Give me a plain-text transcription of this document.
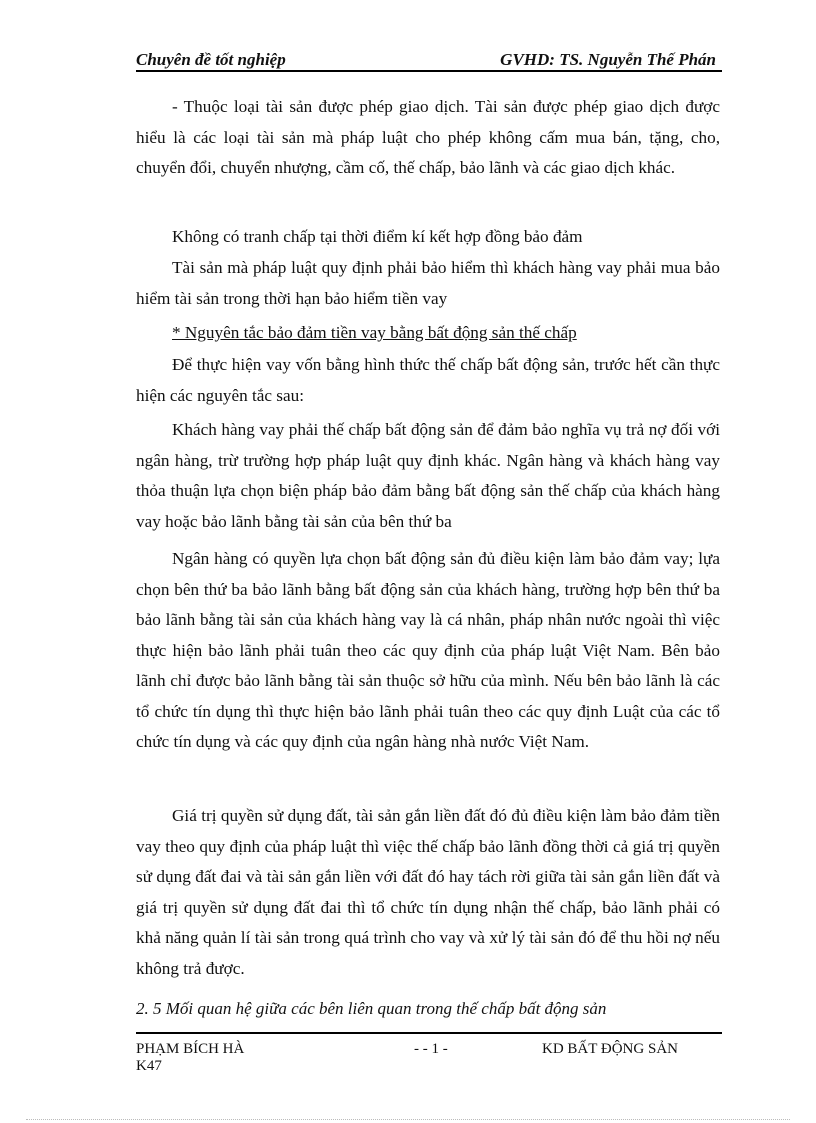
Chuyên đề tốt nghiệp	GVHD: TS. Nguyễn Thế Phán

- Thuộc loại tài sản được phép giao dịch. Tài sản được phép giao dịch được hiểu là các loại tài sản mà pháp luật cho phép không cấm mua bán, tặng, cho, chuyển đổi, chuyển nhượng, cầm cố, thế chấp, bảo lãnh và các giao dịch khác.

Không có tranh chấp tại thời điểm kí kết hợp đồng bảo đảm

Tài sản mà pháp luật quy định phải bảo hiểm thì khách hàng vay phải mua bảo hiểm tài sản trong thời hạn bảo hiểm tiền vay

* Nguyên tắc bảo đảm tiền vay bằng bất động sản thế chấp

Để thực hiện vay vốn bằng hình thức thế chấp bất động sản, trước hết cần thực hiện các nguyên tắc sau:

Khách hàng vay phải thế chấp bất động sản để đảm bảo nghĩa vụ trả nợ đối với ngân hàng, trừ trường hợp pháp luật quy định khác. Ngân hàng và khách hàng vay thỏa thuận lựa chọn biện pháp bảo đảm bằng bất động sản thế chấp của khách hàng vay hoặc bảo lãnh bằng tài sản của bên thứ ba

Ngân hàng có quyền lựa chọn bất động sản đủ điều kiện làm bảo đảm vay; lựa chọn bên thứ ba bảo lãnh bằng bất động sản của khách hàng, trường hợp bên thứ ba bảo lãnh bằng tài sản của khách hàng vay là cá nhân, pháp nhân nước ngoài thì việc thực hiện bảo lãnh phải tuân theo các quy định của pháp luật Việt Nam. Bên bảo lãnh chỉ được bảo lãnh bằng tài sản thuộc sở hữu của mình. Nếu bên bảo lãnh là các tổ chức tín dụng thì thực hiện bảo lãnh phải tuân theo các quy định Luật của các tổ chức tín dụng và các quy định của ngân hàng nhà nước Việt Nam.

Giá trị quyền sử dụng đất, tài sản gắn liền đất đó đủ điều kiện làm bảo đảm tiền vay theo quy định của pháp luật thì việc thế chấp bảo lãnh đồng thời cả giá trị quyền sử dụng đất đai và tài sản gắn liền với đất đó hay tách rời giữa tài sản gắn liền đất và giá trị quyền sử dụng đất đai thì tổ chức tín dụng nhận thế chấp, bảo lãnh phải có khả năng quản lí tài sản trong quá trình cho vay và xử lý tài sản đó để thu hồi nợ nếu không trả được.

2. 5 Mối quan hệ giữa các bên liên quan trong thế chấp bất động sản

PHẠM BÍCH HÀ
K47
- - 1 -	KD BẤT ĐỘNG SẢN
